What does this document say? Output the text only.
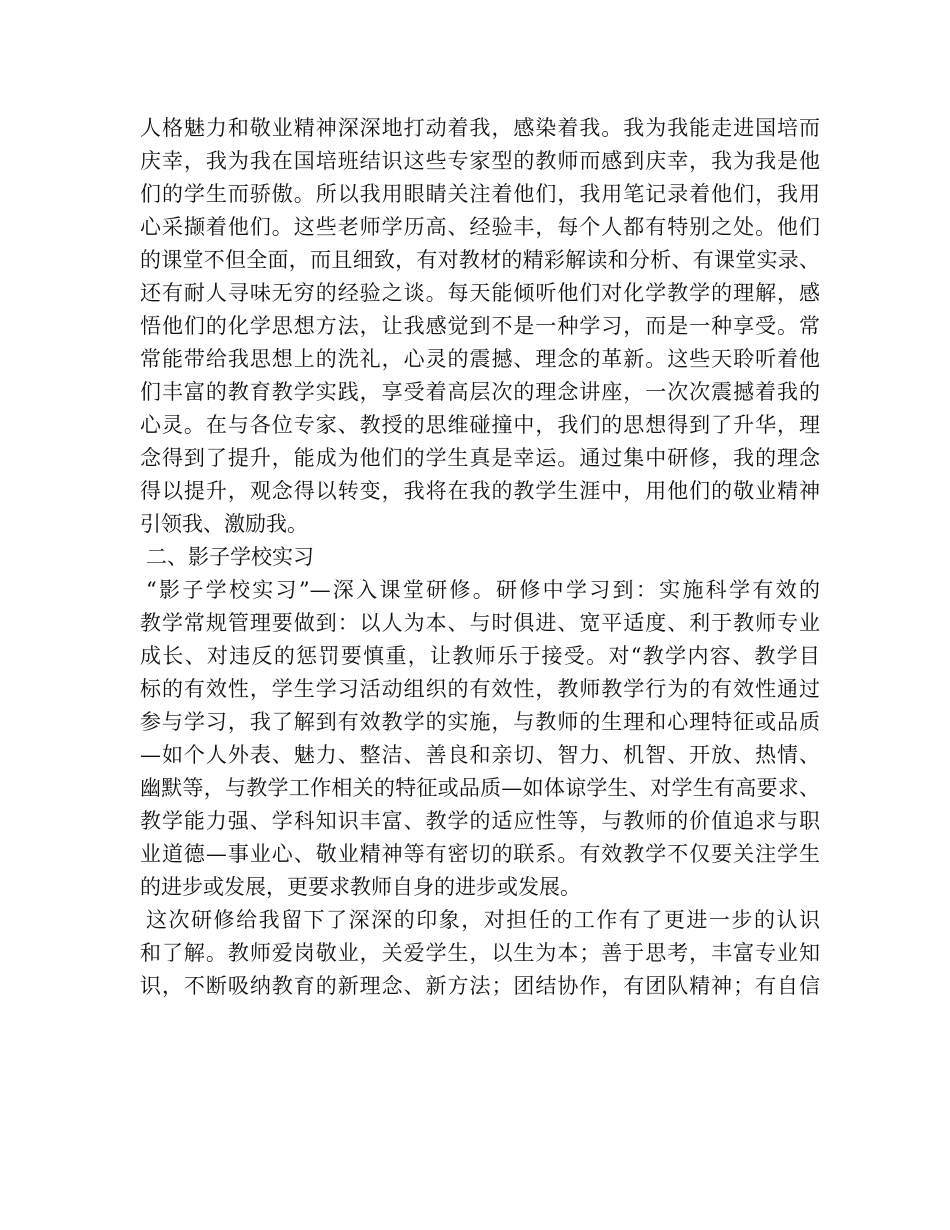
人格魅力和敬业精神深深地打动着我，感染着我。我为我能走进国培而
庆幸，我为我在国培班结识这些专家型的教师而感到庆幸，我为我是他
们的学生而骄傲。所以我用眼睛关注着他们，我用笔记录着他们，我用
心采撷着他们。这些老师学历高、经验丰，每个人都有特别之处。他们
的课堂不但全面，而且细致，有对教材的精彩解读和分析、有课堂实录、
还有耐人寻味无穷的经验之谈。每天能倾听他们对化学教学的理解，感
悟他们的化学思想方法，让我感觉到不是一种学习，而是一种享受。常
常能带给我思想上的洗礼，心灵的震撼、理念的革新。这些天聆听着他
们丰富的教育教学实践，享受着高层次的理念讲座，一次次震撼着我的
心灵。在与各位专家、教授的思维碰撞中，我们的思想得到了升华，理
念得到了提升，能成为他们的学生真是幸运。通过集中研修，我的理念
得以提升，观念得以转变，我将在我的教学生涯中，用他们的敬业精神
引领我、激励我。
二、影子学校实习
“影子学校实习”—深入课堂研修。研修中学习到：实施科学有效的
教学常规管理要做到：以人为本、与时俱进、宽平适度、利于教师专业
成长、对违反的惩罚要慎重，让教师乐于接受。对“教学内容、教学目
标的有效性，学生学习活动组织的有效性，教师教学行为的有效性通过
参与学习，我了解到有效教学的实施，与教师的生理和心理特征或品质
—如个人外表、魅力、整洁、善良和亲切、智力、机智、开放、热情、
幽默等，与教学工作相关的特征或品质—如体谅学生、对学生有高要求、
教学能力强、学科知识丰富、教学的适应性等，与教师的价值追求与职
业道德—事业心、敬业精神等有密切的联系。有效教学不仅要关注学生
的进步或发展，更要求教师自身的进步或发展。
这次研修给我留下了深深的印象，对担任的工作有了更进一步的认识
和了解。教师爱岗敬业，关爱学生，以生为本；善于思考，丰富专业知
识，不断吸纳教育的新理念、新方法；团结协作，有团队精神；有自信
